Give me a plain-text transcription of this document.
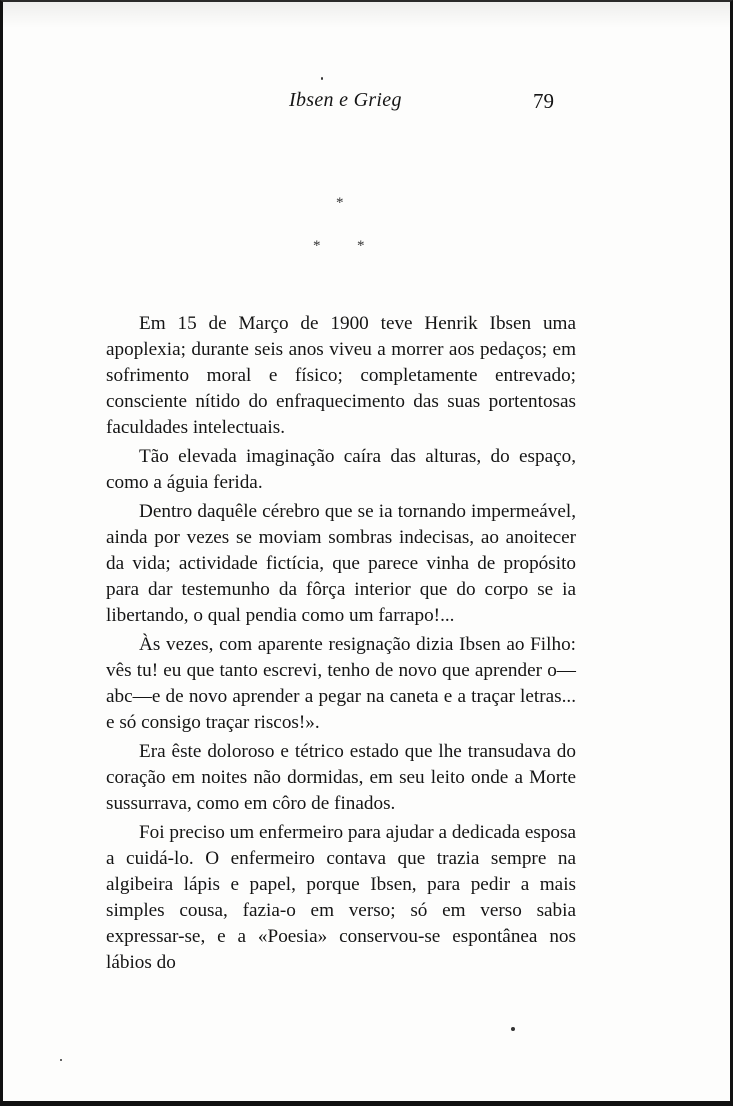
Ibsen e Grieg	79
*
* *

Em 15 de Março de 1900 teve Henrik Ibsen uma apoplexia; durante seis anos viveu a morrer aos pedaços; em sofrimento moral e físico; completamente entrevado; consciente nítido do enfraquecimento das suas portentosas faculdades intelectuais.

Tão elevada imaginação caíra das alturas, do espaço, como a águia ferida.

Dentro daquêle cérebro que se ia tornando impermeável, ainda por vezes se moviam sombras indecisas, ao anoitecer da vida; actividade fictícia, que parece vinha de propósito para dar testemunho da fôrça interior que do corpo se ia libertando, o qual pendia como um farrapo!...

Às vezes, com aparente resignação dizia Ibsen ao Filho: vês tu! eu que tanto escrevi, tenho de novo que aprender o—abc—e de novo aprender a pegar na caneta e a traçar letras... e só consigo traçar riscos!».

Era êste doloroso e tétrico estado que lhe transudava do coração em noites não dormidas, em seu leito onde a Morte sussurrava, como em côro de finados.

Foi preciso um enfermeiro para ajudar a dedicada esposa a cuidá-lo. O enfermeiro contava que trazia sempre na algibeira lápis e papel, porque Ibsen, para pedir a mais simples cousa, fazia-o em verso; só em verso sabia expressar-se, e a «Poesia» conservou-se espontânea nos lábios do
